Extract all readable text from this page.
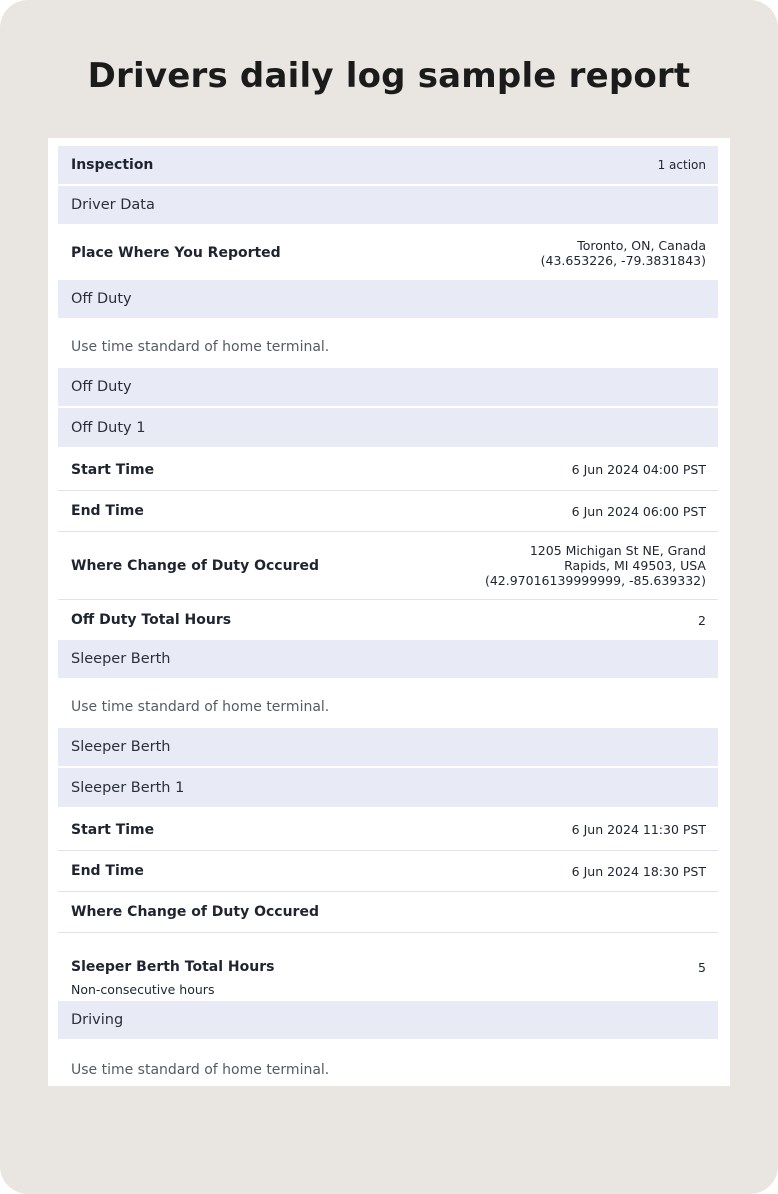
Drivers daily log sample report
Inspection	1 action
Driver Data
Place Where You Reported	Toronto, ON, Canada
(43.653226, -79.3831843)
Off Duty
Use time standard of home terminal.
Off Duty
Off Duty 1
Start Time	6 Jun 2024 04:00 PST
End Time	6 Jun 2024 06:00 PST
Where Change of Duty Occured
1205 Michigan St NE, Grand
Rapids, MI 49503, USA
(42.97016139999999, -85.639332)
Off Duty Total Hours	2
Sleeper Berth
Use time standard of home terminal.
Sleeper Berth
Sleeper Berth 1
Start Time	6 Jun 2024 11:30 PST
End Time	6 Jun 2024 18:30 PST
Where Change of Duty Occured
Sleeper Berth Total Hours	5
Non-consecutive hours
Driving
Use time standard of home terminal.
